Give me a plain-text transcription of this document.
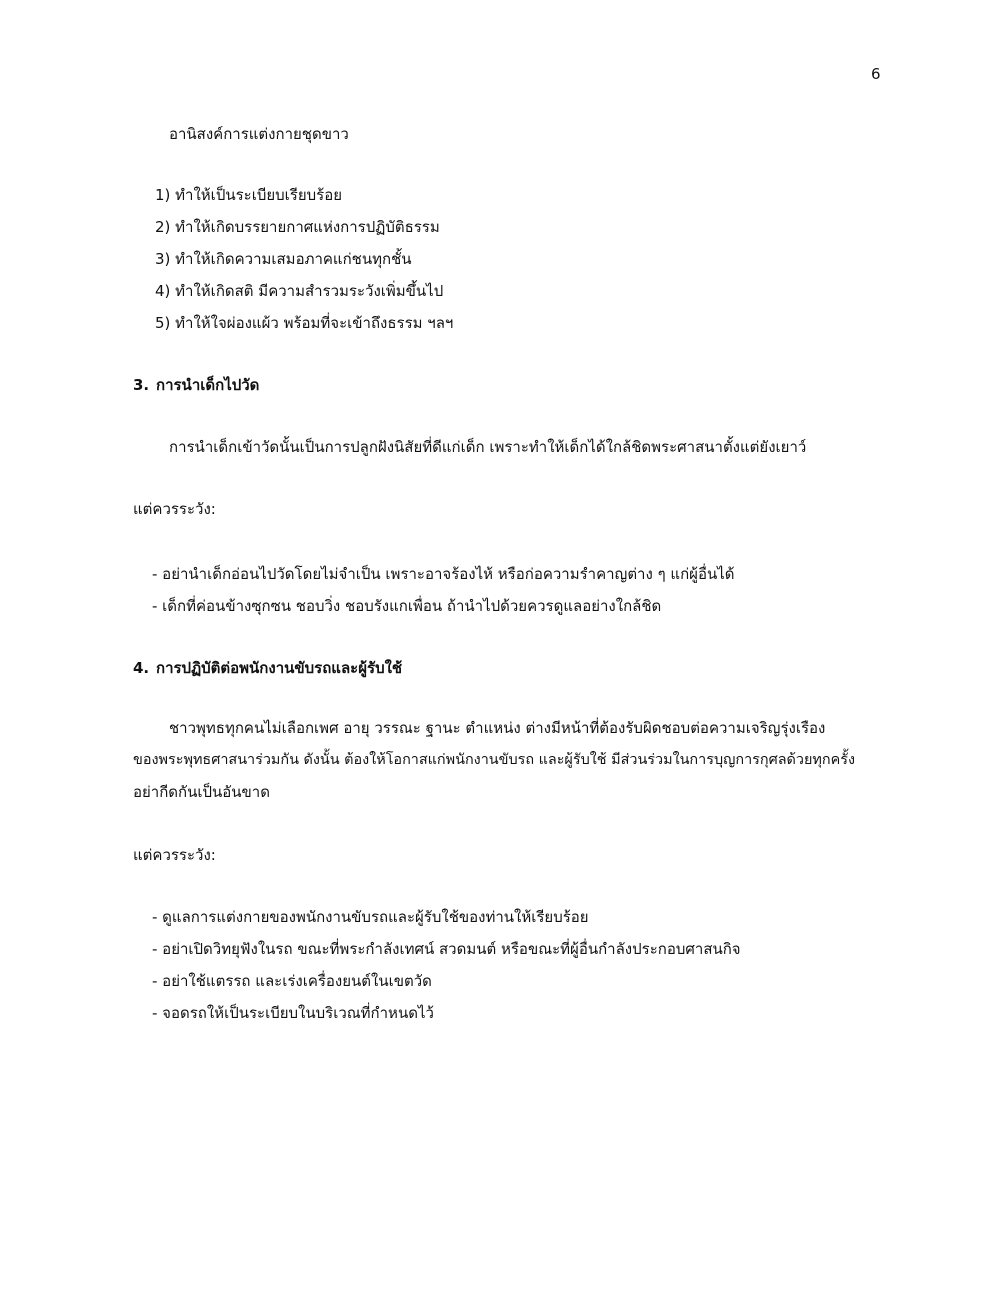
6
อานิสงค์การแต่งกายชุดขาว
1) ทำให้เป็นระเบียบเรียบร้อย
2) ทำให้เกิดบรรยายกาศแห่งการปฏิบัติธรรม
3) ทำให้เกิดความเสมอภาคแก่ชนทุกชั้น
4) ทำให้เกิดสติ มีความสำรวมระวังเพิ่มขึ้นไป
5) ทำให้ใจผ่องแผ้ว พร้อมที่จะเข้าถึงธรรม ฯลฯ
3. การนำเด็กไปวัด
การนำเด็กเข้าวัดนั้นเป็นการปลูกฝังนิสัยที่ดีแก่เด็ก เพราะทำให้เด็กได้ใกล้ชิดพระศาสนาตั้งแต่ยังเยาว์
แต่ควรระวัง:
- อย่านำเด็กอ่อนไปวัดโดยไม่จำเป็น เพราะอาจร้องไห้ หรือก่อความรำคาญต่าง ๆ แก่ผู้อื่นได้
- เด็กที่ค่อนข้างซุกซน ชอบวิ่ง ชอบรังแกเพื่อน ถ้านำไปด้วยควรดูแลอย่างใกล้ชิด
4. การปฏิบัติต่อพนักงานขับรถและผู้รับใช้
ชาวพุทธทุกคนไม่เลือกเพศ อายุ วรรณะ ฐานะ ตำแหน่ง ต่างมีหน้าที่ต้องรับผิดชอบต่อความเจริญรุ่งเรือง
ของพระพุทธศาสนาร่วมกัน ดังนั้น ต้องให้โอกาสแก่พนักงานขับรถ และผู้รับใช้ มีส่วนร่วมในการบุญการกุศลด้วยทุกครั้ง
อย่ากีดกันเป็นอันขาด
แต่ควรระวัง:
- ดูแลการแต่งกายของพนักงานขับรถและผู้รับใช้ของท่านให้เรียบร้อย
- อย่าเปิดวิทยุฟังในรถ ขณะที่พระกำลังเทศน์ สวดมนต์ หรือขณะที่ผู้อื่นกำลังประกอบศาสนกิจ
- อย่าใช้แตรรถ และเร่งเครื่องยนต์ในเขตวัด
- จอดรถให้เป็นระเบียบในบริเวณที่กำหนดไว้
